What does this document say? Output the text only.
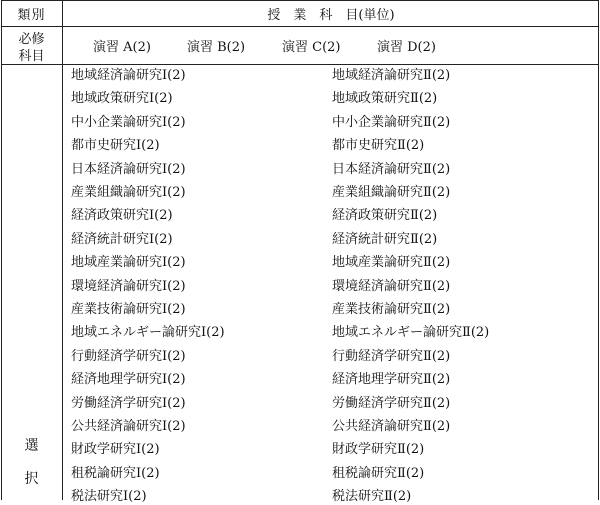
類別	授　業　科　目(単位)
必修
科目
演習 A(2)	演習 B(2)	演習 C(2)	演習 D(2)
選
択
地域経済論研究Ⅰ(2)	地域経済論研究Ⅱ(2)
地域政策研究Ⅰ(2)	地域政策研究Ⅱ(2)
中小企業論研究Ⅰ(2)	中小企業論研究Ⅱ(2)
都市史研究Ⅰ(2)	都市史研究Ⅱ(2)
日本経済論研究Ⅰ(2)	日本経済論研究Ⅱ(2)
産業組織論研究Ⅰ(2)	産業組織論研究Ⅱ(2)
経済政策研究Ⅰ(2)	経済政策研究Ⅱ(2)
経済統計研究Ⅰ(2)	経済統計研究Ⅱ(2)
地域産業論研究Ⅰ(2)	地域産業論研究Ⅱ(2)
環境経済論研究Ⅰ(2)	環境経済論研究Ⅱ(2)
産業技術論研究Ⅰ(2)	産業技術論研究Ⅱ(2)
地域エネルギー論研究Ⅰ(2)	地域エネルギー論研究Ⅱ(2)
行動経済学研究Ⅰ(2)	行動経済学研究Ⅱ(2)
経済地理学研究Ⅰ(2)	経済地理学研究Ⅱ(2)
労働経済学研究Ⅰ(2)	労働経済学研究Ⅱ(2)
公共経済論研究Ⅰ(2)	公共経済論研究Ⅱ(2)
財政学研究Ⅰ(2)	財政学研究Ⅱ(2)
租税論研究Ⅰ(2)	租税論研究Ⅱ(2)
税法研究Ⅰ(2)	税法研究Ⅱ(2)
